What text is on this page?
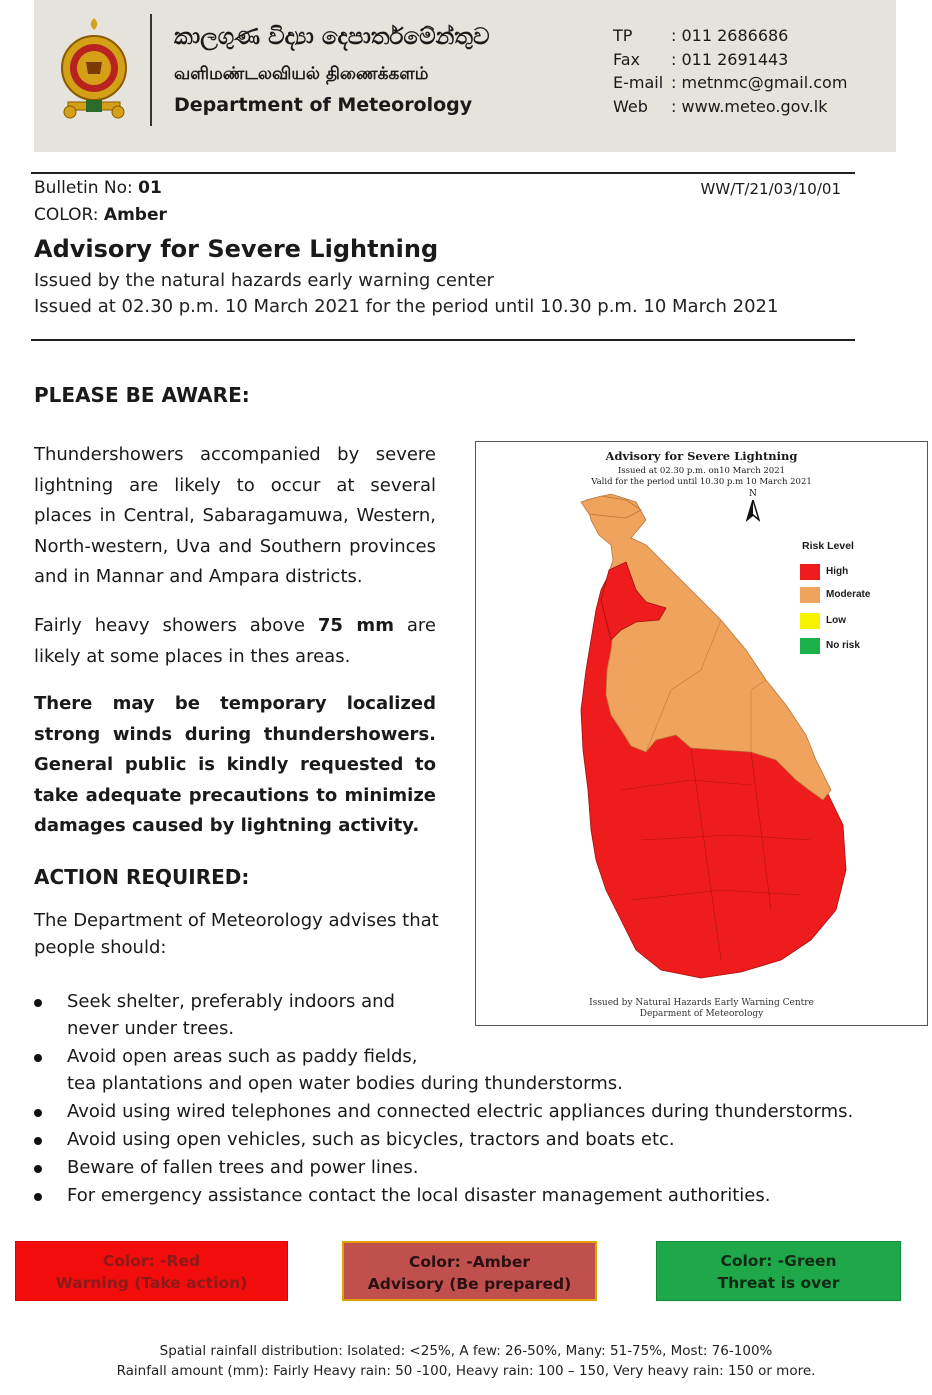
කාලගුණ විද්‍යා දෙපාර්තමේන්තුව
வளிமண்டலவியல் திணைக்களம்
Department of Meteorology
TP	: 011 2686686
Fax	: 011 2691443
E-mail : metnmc@gmail.com
Web	: www.meteo.gov.lk
Bulletin No: 01
COLOR: Amber
WW/T/21/03/10/01
Advisory for Severe Lightning
Issued by the natural hazards early warning center
Issued at 02.30 p.m. 10 March 2021 for the period until 10.30 p.m. 10 March 2021
PLEASE BE AWARE:
Thundershowers accompanied by severe lightning are likely to occur at several places in Central, Sabaragamuwa, Western, North-western, Uva and Southern provinces and in Mannar and Ampara districts.
Fairly heavy showers above 75 mm are likely at some places in thes areas.
There may be temporary localized strong winds during thundershowers. General public is kindly requested to take adequate precautions to minimize damages caused by lightning activity.
ACTION REQUIRED:
The Department of Meteorology advises that people should:
Advisory for Severe Lightning
Issued at 02.30 p.m. on10 March 2021
Valid for the period until 10.30 p.m 10 March 2021
N
Risk Level
High
Moderate
Low
No risk
Issued by Natural Hazards Early Warning Centre
Deparment of Meteorology
Seek shelter, preferably indoors and
never under trees.
Avoid open areas such as paddy fields,
tea plantations and open water bodies during thunderstorms.
Avoid using wired telephones and connected electric appliances during thunderstorms.
Avoid using open vehicles, such as bicycles, tractors and boats etc.
Beware of fallen trees and power lines.
For emergency assistance contact the local disaster management authorities.
Color: -Red
Warning (Take action)
Color: -Amber
Advisory (Be prepared)
Color: -Green
Threat is over
Spatial rainfall distribution: Isolated: <25%, A few: 26-50%, Many: 51-75%, Most: 76-100%
Rainfall amount (mm): Fairly Heavy rain: 50 -100, Heavy rain: 100 – 150, Very heavy rain: 150 or more.
